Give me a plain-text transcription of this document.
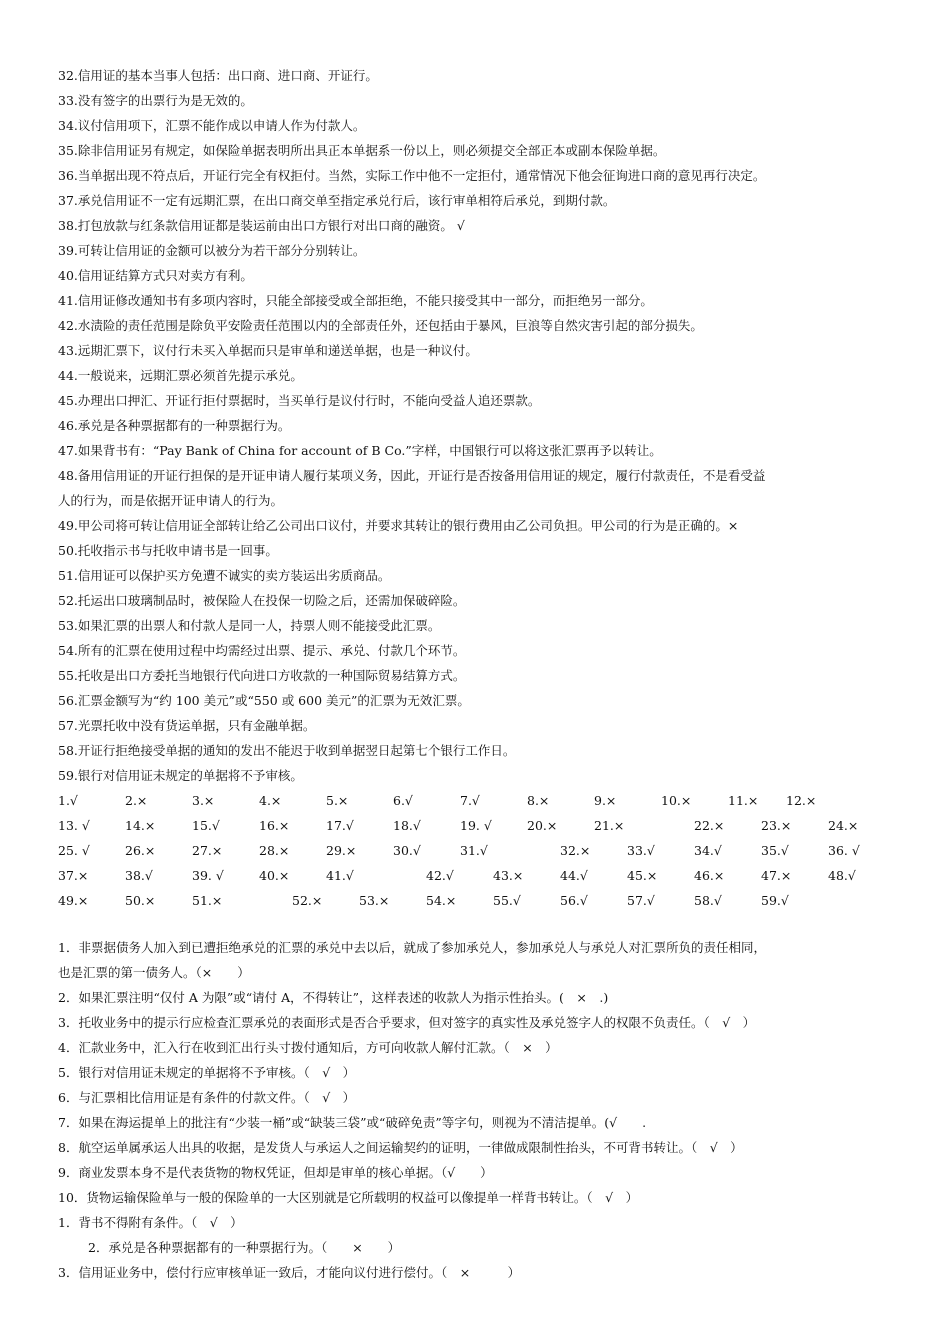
32.信用证的基本当事人包括：出口商、进口商、开证行。
33.没有签字的出票行为是无效的。
34.议付信用项下，汇票不能作成以申请人作为付款人。
35.除非信用证另有规定，如保险单据表明所出具正本单据系一份以上，则必须提交全部正本或副本保险单据。
36.当单据出现不符点后，开证行完全有权拒付。当然，实际工作中他不一定拒付，通常情况下他会征询进口商的意见再行决定。
37.承兑信用证不一定有远期汇票，在出口商交单至指定承兑行后，该行审单相符后承兑，到期付款。
38.打包放款与红条款信用证都是装运前由出口方银行对出口商的融资。 √
39.可转让信用证的金额可以被分为若干部分分别转让。
40.信用证结算方式只对卖方有利。
41.信用证修改通知书有多项内容时，只能全部接受或全部拒绝，不能只接受其中一部分，而拒绝另一部分。
42.水渍险的责任范围是除负平安险责任范围以内的全部责任外，还包括由于暴风，巨浪等自然灾害引起的部分损失。
43.远期汇票下，议付行未买入单据而只是审单和递送单据，也是一种议付。
44.一般说来，远期汇票必须首先提示承兑。
45.办理出口押汇、开证行拒付票据时，当买单行是议付行时，不能向受益人追还票款。
46.承兑是各种票据都有的一种票据行为。
47.如果背书有：“Pay Bank of China for account of B Co.”字样，中国银行可以将这张汇票再予以转让。
48.备用信用证的开证行担保的是开证申请人履行某项义务，因此，开证行是否按备用信用证的规定，履行付款责任，不是看受益
人的行为，而是依据开证申请人的行为。
49.甲公司将可转让信用证全部转让给乙公司出口议付，并要求其转让的银行费用由乙公司负担。甲公司的行为是正确的。×
50.托收指示书与托收申请书是一回事。
51.信用证可以保护买方免遭不诚实的卖方装运出劣质商品。
52.托运出口玻璃制品时，被保险人在投保一切险之后，还需加保破碎险。
53.如果汇票的出票人和付款人是同一人，持票人则不能接受此汇票。
54.所有的汇票在使用过程中均需经过出票、提示、承兑、付款几个环节。
55.托收是出口方委托当地银行代向进口方收款的一种国际贸易结算方式。
56.汇票金额写为“约 100 美元”或“550 或 600 美元”的汇票为无效汇票。
57.光票托收中没有货运单据，只有金融单据。
58.开证行拒绝接受单据的通知的发出不能迟于收到单据翌日起第七个银行工作日。
59.银行对信用证未规定的单据将不予审核。
1.√	2.×	3.×	4.×	5.×	6.√	7.√	8.×	9.×	10.×	11.× 12.×
13. √	14.×	15.√	16.×	17.√	18.√	19. √	20.×	21.×	22.×	23.×	24.×
25. √	26.×	27.×	28.×	29.×	30.√	31.√	32.×	33.√	34.√	35.√	36. √
37.×	38.√	39. √	40.×	41.√	42.√	43.×	44.√	45.×	46.×	47.×	48.√
49.×	50.×	51.×	52.×	53.×	54.×	55.√	56.√	57.√	58.√	59.√
1．非票据债务人加入到已遭拒绝承兑的汇票的承兑中去以后，就成了参加承兑人，参加承兑人与承兑人对汇票所负的责任相同，
也是汇票的第一债务人。（×　　）
2．如果汇票注明“仅付 A 为限”或“请付 A，不得转让”，这样表述的收款人为指示性抬头。(　×　.)
3．托收业务中的提示行应检查汇票承兑的表面形式是否合乎要求，但对签字的真实性及承兑签字人的权限不负责任。（　√　）
4．汇款业务中，汇入行在收到汇出行头寸拨付通知后，方可向收款人解付汇款。（　×　）
5．银行对信用证未规定的单据将不予审核。（　√　）
6．与汇票相比信用证是有条件的付款文件。（　√　）
7．如果在海运提单上的批注有“少装一桶”或“缺装三袋”或“破碎免责”等字句，则视为不清洁提单。(√　　.
8．航空运单属承运人出具的收据，是发货人与承运人之间运输契约的证明，一律做成限制性抬头，不可背书转让。（　√　）
9．商业发票本身不是代表货物的物权凭证，但却是审单的核心单据。（√　　）
10．货物运输保险单与一般的保险单的一大区别就是它所载明的权益可以像提单一样背书转让。（　√　）
1．背书不得附有条件。（　√　）
2．承兑是各种票据都有的一种票据行为。（　　×　　）
3．信用证业务中，偿付行应审核单证一致后，才能向议付进行偿付。（　×　　　）
